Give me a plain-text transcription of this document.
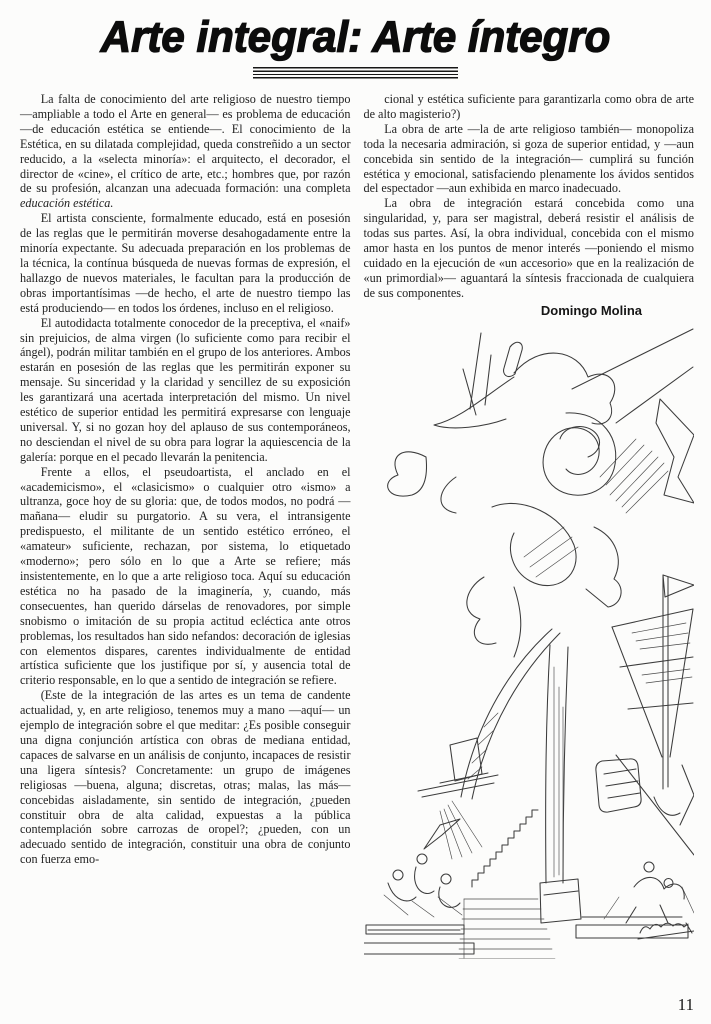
Arte integral: Arte íntegro

La falta de conocimiento del arte religioso de nuestro tiempo —ampliable a todo el Arte en general— es problema de educación —de educación estética se entiende—. El conocimiento de la Estética, en su dilatada complejidad, queda constreñido a un sector reducido, a la «selecta minoría»: el arquitecto, el decorador, el director de «cine», el crítico de arte, etc.; hombres que, por razón de su profesión, alcanzan una adecuada formación: una completa educación estética.

El artista consciente, formalmente educado, está en posesión de las reglas que le permitirán moverse desahogadamente entre la minoría expectante. Su adecuada preparación en los problemas de la técnica, la contínua búsqueda de nuevas formas de expresión, el hallazgo de nuevos materiales, le facultan para la producción de obras importantísimas —de hecho, el arte de nuestro tiempo las está produciendo— en todos los órdenes, incluso en el religioso.

El autodidacta totalmente conocedor de la preceptiva, el «naif» sin prejuicios, de alma virgen (lo suficiente como para recibir el ángel), podrán militar también en el grupo de los anteriores. Ambos estarán en posesión de las reglas que les permitirán exponer su mensaje. Su sinceridad y la claridad y sencillez de su exposición les garantizará una acertada interpretación del mismo. Un nivel estético de superior entidad les permitirá expresarse con lenguaje universal. Y, si no gozan hoy del aplauso de sus contemporáneos, no desciendan el nivel de su obra para lograr la aquiescencia de la galería: porque en el pecado llevarán la penitencia.

Frente a ellos, el pseudoartista, el anclado en el «academicismo», el «clasicismo» o cualquier otro «ismo» a ultranza, goce hoy de su gloria: que, de todos modos, no podrá —mañana— eludir su purgatorio. A su vera, el intransigente predispuesto, el militante de un sentido estético erróneo, el «amateur» suficiente, rechazan, por sistema, lo etiquetado «moderno»; pero sólo en lo que a Arte se refiere; más insistentemente, en lo que a arte religioso toca. Aquí su educación estética no ha pasado de la imaginería, y, cuando, más consecuentes, han querido dárselas de renovadores, por simple snobismo o imitación de su propia actitud ecléctica ante otros problemas, los resultados han sido nefandos: decoración de iglesias con elementos dispares, carentes individualmente de entidad artística suficiente que los justifique por sí, y ausencia total de criterio responsable, en lo que a sentido de integración se refiere.

(Este de la integración de las artes es un tema de candente actualidad, y, en arte religioso, tenemos muy a mano —aquí— un ejemplo de integración sobre el que meditar: ¿Es posible conseguir una digna conjunción artística con obras de mediana entidad, capaces de salvarse en un análisis de conjunto, incapaces de resistir una ligera síntesis? Concretamente: un grupo de imágenes religiosas —buena, alguna; discretas, otras; malas, las más— concebidas aisladamente, sin sentido de integración, ¿pueden constituir obra de alta calidad, expuestas a la pública contemplación sobre carrozas de oropel?; ¿pueden, con un adecuado sentido de integración, constituir una obra de conjunto con fuerza emo-

cional y estética suficiente para garantizarla como obra de arte de alto magisterio?)

La obra de arte —la de arte religioso también— monopoliza toda la necesaria admiración, si goza de superior entidad, y —aun concebida sin sentido de la integración— cumplirá su función estética y emocional, satisfaciendo plenamente los ávidos sentidos del espectador —aun exhibida en marco inadecuado.

La obra de integración estará concebida como una singularidad, y, para ser magistral, deberá resistir el análisis de todas sus partes. Así, la obra individual, concebida con el mismo amor hasta en los puntos de menor interés —poniendo el mismo cuidado en la ejecución de «un accesorio» que en la realización de «un primordial»— aguantará la síntesis fraccionada de cualquiera de sus componentes.

Domingo Molina
11
